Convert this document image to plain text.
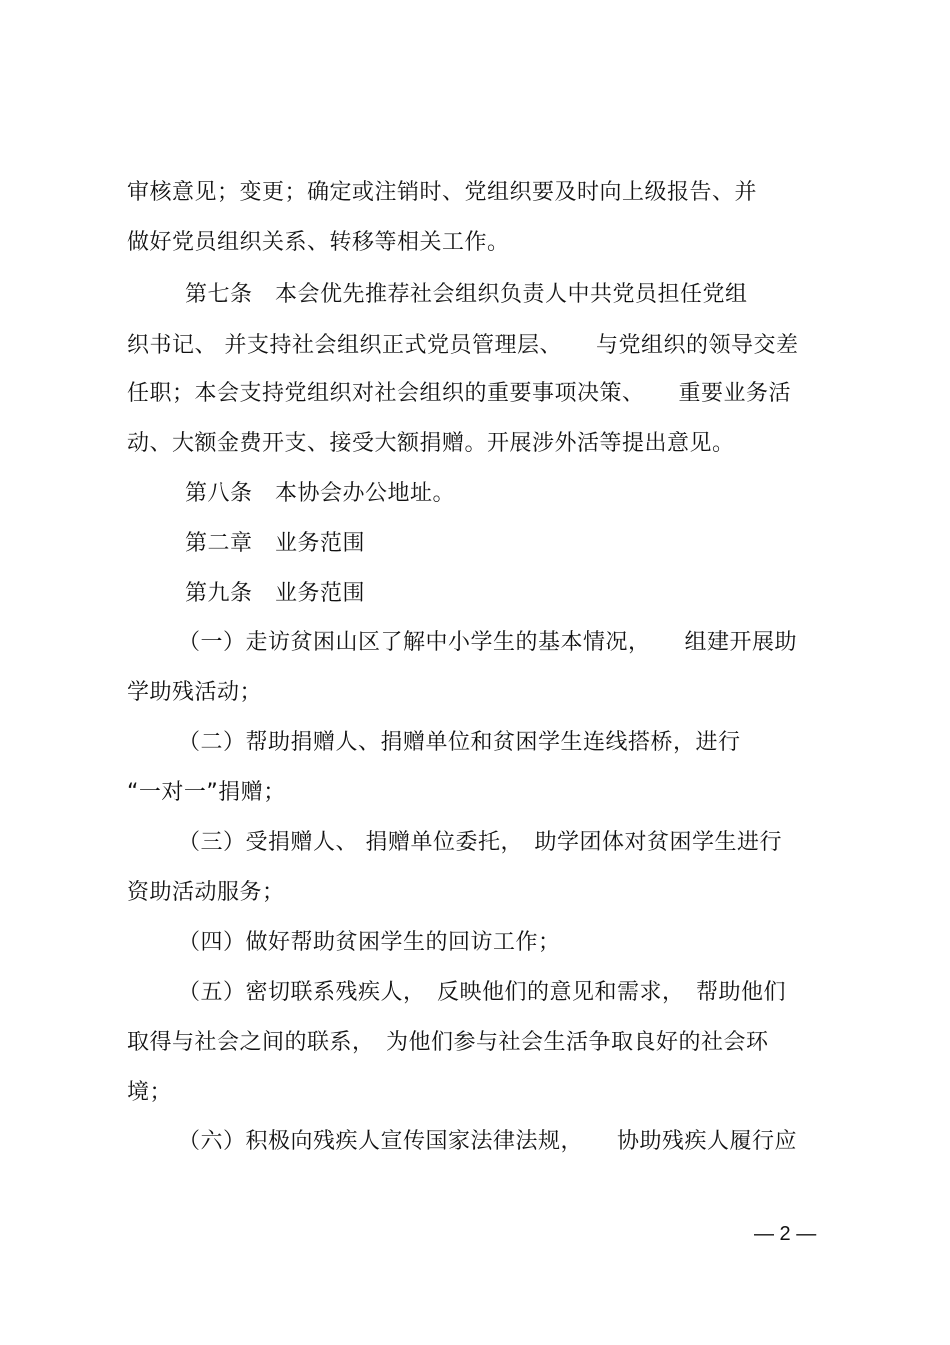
审核意见；变更；确定或注销时、党组织要及时向上级报告、并
做好党员组织关系、转移等相关工作。
第七条　本会优先推荐社会组织负责人中共党员担任党组
织书记、 并支持社会组织正式党员管理层、　　与党组织的领导交差
任职；本会支持党组织对社会组织的重要事项决策、　　重要业务活
动、大额金费开支、接受大额捐赠。开展涉外活等提出意见。
第八条　本协会办公地址。
第二章　业务范围
第九条　业务范围
（一）走访贫困山区了解中小学生的基本情况，　　组建开展助
学助残活动；
（二）帮助捐赠人、捐赠单位和贫困学生连线搭桥，进行
“一对一”捐赠；
（三）受捐赠人、 捐赠单位委托，　助学团体对贫困学生进行
资助活动服务；
（四）做好帮助贫困学生的回访工作；
（五）密切联系残疾人，　反映他们的意见和需求，　帮助他们
取得与社会之间的联系，　为他们参与社会生活争取良好的社会环
境；
（六）积极向残疾人宣传国家法律法规，　　协助残疾人履行应
— 2 —
